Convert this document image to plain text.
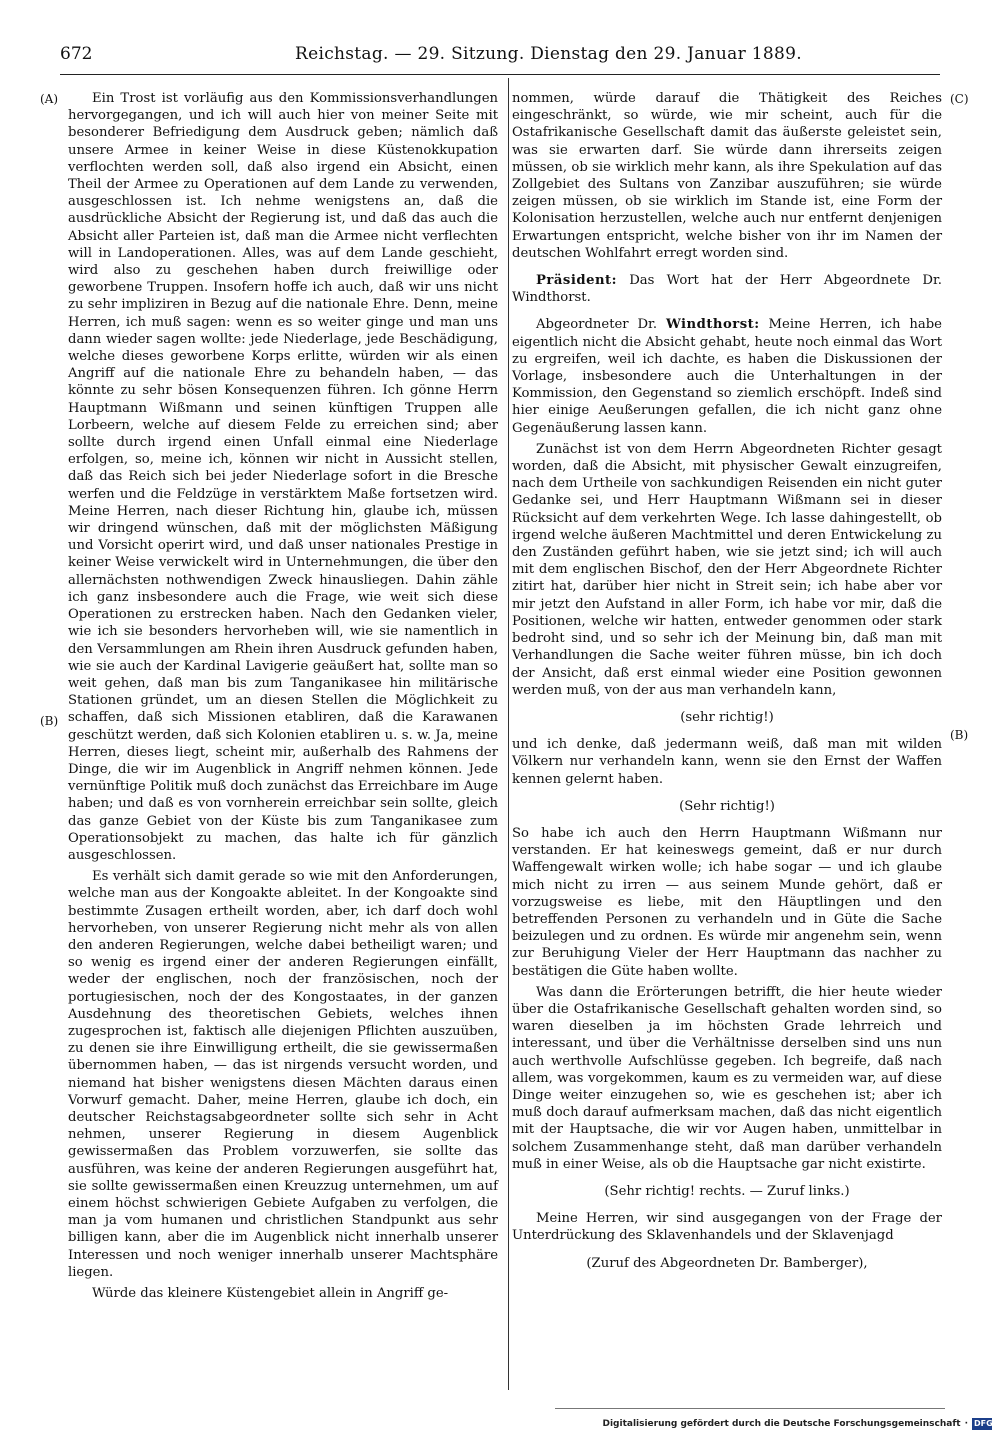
672	Reichstag. — 29. Sitzung. Dienstag den 29. Januar 1889.
(A)
(B)
(C)
(B)

Ein Trost ist vorläufig aus den Kommissionsverhandlungen hervorgegangen, und ich will auch hier von meiner Seite mit besonderer Befriedigung dem Ausdruck geben; nämlich daß unsere Armee in keiner Weise in diese Küstenokkupation verflochten werden soll, daß also irgend ein Absicht, einen Theil der Armee zu Operationen auf dem Lande zu verwenden, ausgeschlossen ist. Ich nehme wenigstens an, daß die ausdrückliche Absicht der Regierung ist, und daß das auch die Absicht aller Parteien ist, daß man die Armee nicht verflechten will in Landoperationen. Alles, was auf dem Lande geschieht, wird also zu geschehen haben durch freiwillige oder geworbene Truppen. Insofern hoffe ich auch, daß wir uns nicht zu sehr impliziren in Bezug auf die nationale Ehre. Denn, meine Herren, ich muß sagen: wenn es so weiter ginge und man uns dann wieder sagen wollte: jede Niederlage, jede Beschädigung, welche dieses geworbene Korps erlitte, würden wir als einen Angriff auf die nationale Ehre zu behandeln haben, — das könnte zu sehr bösen Konsequenzen führen. Ich gönne Herrn Hauptmann Wißmann und seinen künftigen Truppen alle Lorbeern, welche auf diesem Felde zu erreichen sind; aber sollte durch irgend einen Unfall einmal eine Niederlage erfolgen, so, meine ich, können wir nicht in Aussicht stellen, daß das Reich sich bei jeder Niederlage sofort in die Bresche werfen und die Feldzüge in verstärktem Maße fortsetzen wird. Meine Herren, nach dieser Richtung hin, glaube ich, müssen wir dringend wünschen, daß mit der möglichsten Mäßigung und Vorsicht operirt wird, und daß unser nationales Prestige in keiner Weise verwickelt wird in Unternehmungen, die über den allernächsten nothwendigen Zweck hinausliegen. Dahin zähle ich ganz insbesondere auch die Frage, wie weit sich diese Operationen zu erstrecken haben. Nach den Gedanken vieler, wie ich sie besonders hervorheben will, wie sie namentlich in den Versammlungen am Rhein ihren Ausdruck gefunden haben, wie sie auch der Kardinal Lavigerie geäußert hat, sollte man so weit gehen, daß man bis zum Tanganikasee hin militärische Stationen gründet, um an diesen Stellen die Möglichkeit zu schaffen, daß sich Missionen etabliren, daß die Karawanen geschützt werden, daß sich Kolonien etabliren u. s. w. Ja, meine Herren, dieses liegt, scheint mir, außerhalb des Rahmens der Dinge, die wir im Augenblick in Angriff nehmen können. Jede vernünftige Politik muß doch zunächst das Erreichbare im Auge haben; und daß es von vornherein erreichbar sein sollte, gleich das ganze Gebiet von der Küste bis zum Tanganikasee zum Operationsobjekt zu machen, das halte ich für gänzlich ausgeschlossen.

Es verhält sich damit gerade so wie mit den Anforderungen, welche man aus der Kongoakte ableitet. In der Kongoakte sind bestimmte Zusagen ertheilt worden, aber, ich darf doch wohl hervorheben, von unserer Regierung nicht mehr als von allen den anderen Regierungen, welche dabei betheiligt waren; und so wenig es irgend einer der anderen Regierungen einfällt, weder der englischen, noch der französischen, noch der portugiesischen, noch der des Kongostaates, in der ganzen Ausdehnung des theoretischen Gebiets, welches ihnen zugesprochen ist, faktisch alle diejenigen Pflichten auszuüben, zu denen sie ihre Einwilligung ertheilt, die sie gewissermaßen übernommen haben, — das ist nirgends versucht worden, und niemand hat bisher wenigstens diesen Mächten daraus einen Vorwurf gemacht. Daher, meine Herren, glaube ich doch, ein deutscher Reichstagsabgeordneter sollte sich sehr in Acht nehmen, unserer Regierung in diesem Augenblick gewissermaßen das Problem vorzuwerfen, sie sollte das ausführen, was keine der anderen Regierungen ausgeführt hat, sie sollte gewissermaßen einen Kreuzzug unternehmen, um auf einem höchst schwierigen Gebiete Aufgaben zu verfolgen, die man ja vom humanen und christlichen Standpunkt aus sehr billigen kann, aber die im Augenblick nicht innerhalb unserer Interessen und noch weniger innerhalb unserer Machtsphäre liegen.

Würde das kleinere Küstengebiet allein in Angriff ge-

nommen, würde darauf die Thätigkeit des Reiches eingeschränkt, so würde, wie mir scheint, auch für die Ostafrikanische Gesellschaft damit das äußerste geleistet sein, was sie erwarten darf. Sie würde dann ihrerseits zeigen müssen, ob sie wirklich mehr kann, als ihre Spekulation auf das Zollgebiet des Sultans von Zanzibar auszuführen; sie würde zeigen müssen, ob sie wirklich im Stande ist, eine Form der Kolonisation herzustellen, welche auch nur entfernt denjenigen Erwartungen entspricht, welche bisher von ihr im Namen der deutschen Wohlfahrt erregt worden sind.

Präsident: Das Wort hat der Herr Abgeordnete Dr. Windthorst.

Abgeordneter Dr. Windthorst: Meine Herren, ich habe eigentlich nicht die Absicht gehabt, heute noch einmal das Wort zu ergreifen, weil ich dachte, es haben die Diskussionen der Vorlage, insbesondere auch die Unterhaltungen in der Kommission, den Gegenstand so ziemlich erschöpft. Indeß sind hier einige Aeußerungen gefallen, die ich nicht ganz ohne Gegenäußerung lassen kann.

Zunächst ist von dem Herrn Abgeordneten Richter gesagt worden, daß die Absicht, mit physischer Gewalt einzugreifen, nach dem Urtheile von sachkundigen Reisenden ein nicht guter Gedanke sei, und Herr Hauptmann Wißmann sei in dieser Rücksicht auf dem verkehrten Wege. Ich lasse dahingestellt, ob irgend welche äußeren Machtmittel und deren Entwickelung zu den Zuständen geführt haben, wie sie jetzt sind; ich will auch mit dem englischen Bischof, den der Herr Abgeordnete Richter zitirt hat, darüber hier nicht in Streit sein; ich habe aber vor mir jetzt den Aufstand in aller Form, ich habe vor mir, daß die Positionen, welche wir hatten, entweder genommen oder stark bedroht sind, und so sehr ich der Meinung bin, daß man mit Verhandlungen die Sache weiter führen müsse, bin ich doch der Ansicht, daß erst einmal wieder eine Position gewonnen werden muß, von der aus man verhandeln kann,

(sehr richtig!)

und ich denke, daß jedermann weiß, daß man mit wilden Völkern nur verhandeln kann, wenn sie den Ernst der Waffen kennen gelernt haben.

(Sehr richtig!)

So habe ich auch den Herrn Hauptmann Wißmann nur verstanden. Er hat keineswegs gemeint, daß er nur durch Waffengewalt wirken wolle; ich habe sogar — und ich glaube mich nicht zu irren — aus seinem Munde gehört, daß er vorzugsweise es liebe, mit den Häuptlingen und den betreffenden Personen zu verhandeln und in Güte die Sache beizulegen und zu ordnen. Es würde mir angenehm sein, wenn zur Beruhigung Vieler der Herr Hauptmann das nachher zu bestätigen die Güte haben wollte.

Was dann die Erörterungen betrifft, die hier heute wieder über die Ostafrikanische Gesellschaft gehalten worden sind, so waren dieselben ja im höchsten Grade lehrreich und interessant, und über die Verhältnisse derselben sind uns nun auch werthvolle Aufschlüsse gegeben. Ich begreife, daß nach allem, was vorgekommen, kaum es zu vermeiden war, auf diese Dinge weiter einzugehen so, wie es geschehen ist; aber ich muß doch darauf aufmerksam machen, daß das nicht eigentlich mit der Hauptsache, die wir vor Augen haben, unmittelbar in solchem Zusammenhange steht, daß man darüber verhandeln muß in einer Weise, als ob die Hauptsache gar nicht existirte.

(Sehr richtig! rechts. — Zuruf links.)

Meine Herren, wir sind ausgegangen von der Frage der Unterdrückung des Sklavenhandels und der Sklavenjagd

(Zuruf des Abgeordneten Dr. Bamberger),

Digitalisierung gefördert durch die Deutsche Forschungsgemeinschaft · DFG
